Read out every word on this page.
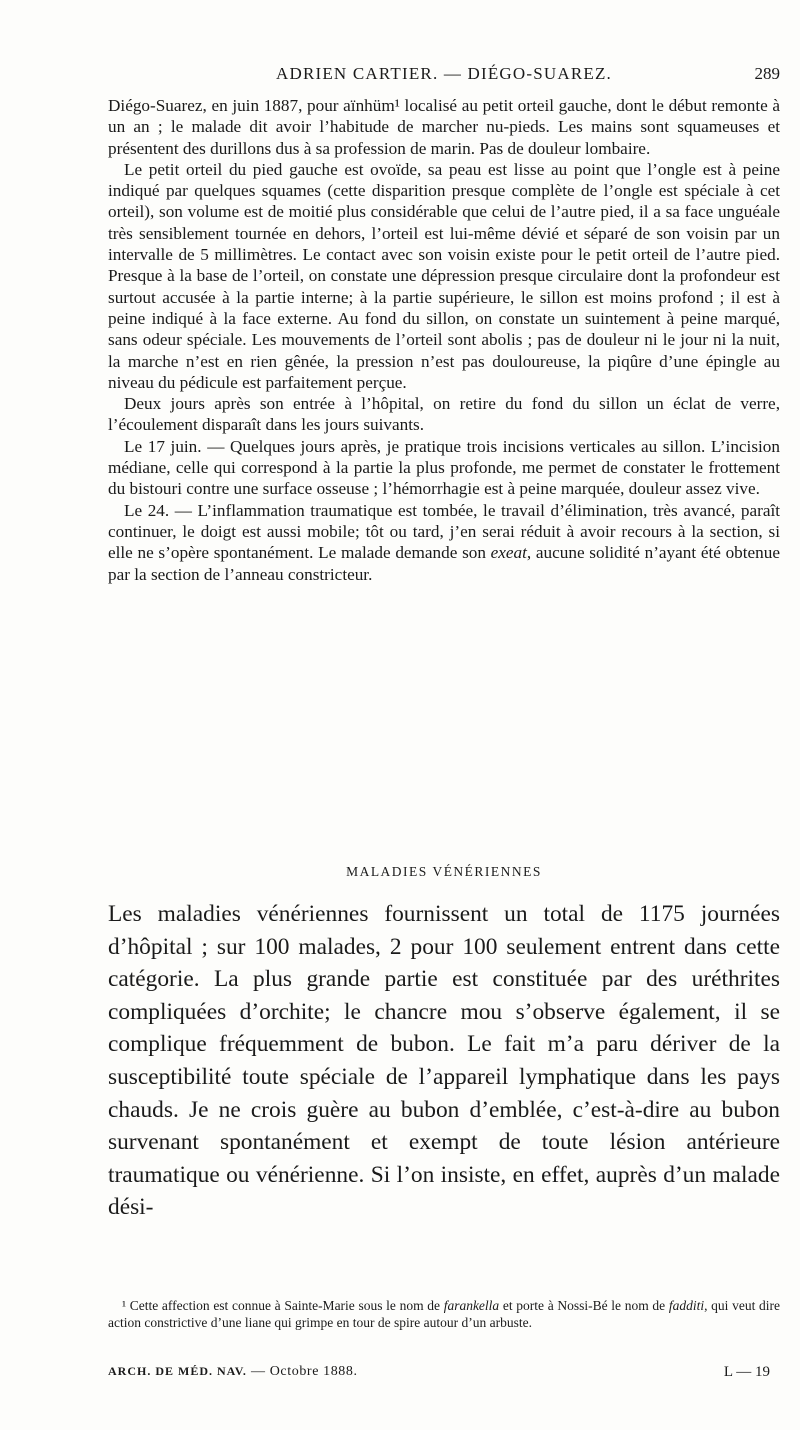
ADRIEN CARTIER. — DIÉGO-SUAREZ.	289

Diégo-Suarez, en juin 1887, pour aïnhüm¹ localisé au petit orteil gauche, dont le début remonte à un an ; le malade dit avoir l’habitude de marcher nu-pieds. Les mains sont squameuses et présentent des durillons dus à sa profession de marin. Pas de douleur lombaire.

Le petit orteil du pied gauche est ovoïde, sa peau est lisse au point que l’ongle est à peine indiqué par quelques squames (cette disparition presque complète de l’ongle est spéciale à cet orteil), son volume est de moitié plus considérable que celui de l’autre pied, il a sa face unguéale très sensiblement tournée en dehors, l’orteil est lui-même dévié et séparé de son voisin par un intervalle de 5 millimètres. Le contact avec son voisin existe pour le petit orteil de l’autre pied. Presque à la base de l’orteil, on constate une dépression presque circulaire dont la profondeur est surtout accusée à la partie interne; à la partie supérieure, le sillon est moins profond ; il est à peine indiqué à la face externe. Au fond du sillon, on constate un suintement à peine marqué, sans odeur spéciale. Les mouvements de l’orteil sont abolis ; pas de douleur ni le jour ni la nuit, la marche n’est en rien gênée, la pression n’est pas douloureuse, la piqûre d’une épingle au niveau du pédicule est parfaitement perçue.

Deux jours après son entrée à l’hôpital, on retire du fond du sillon un éclat de verre, l’écoulement disparaît dans les jours suivants.

Le 17 juin. — Quelques jours après, je pratique trois incisions verticales au sillon. L’incision médiane, celle qui correspond à la partie la plus profonde, me permet de constater le frottement du bistouri contre une surface osseuse ; l’hémorrhagie est à peine marquée, douleur assez vive.

Le 24. — L’inflammation traumatique est tombée, le travail d’élimination, très avancé, paraît continuer, le doigt est aussi mobile; tôt ou tard, j’en serai réduit à avoir recours à la section, si elle ne s’opère spontanément. Le malade demande son exeat, aucune solidité n’ayant été obtenue par la section de l’anneau constricteur.

MALADIES VÉNÉRIENNES

Les maladies vénériennes fournissent un total de 1175 journées d’hôpital ; sur 100 malades, 2 pour 100 seulement entrent dans cette catégorie. La plus grande partie est constituée par des uréthrites compliquées d’orchite; le chancre mou s’observe également, il se complique fréquemment de bubon. Le fait m’a paru dériver de la susceptibilité toute spéciale de l’appareil lymphatique dans les pays chauds. Je ne crois guère au bubon d’emblée, c’est-à-dire au bubon survenant spontanément et exempt de toute lésion antérieure traumatique ou vénérienne. Si l’on insiste, en effet, auprès d’un malade dési-

¹ Cette affection est connue à Sainte-Marie sous le nom de farankella et porte à Nossi-Bé le nom de fadditi, qui veut dire action constrictive d’une liane qui grimpe en tour de spire autour d’un arbuste.

ARCH. DE MÉD. NAV. — Octobre 1888.	L — 19
